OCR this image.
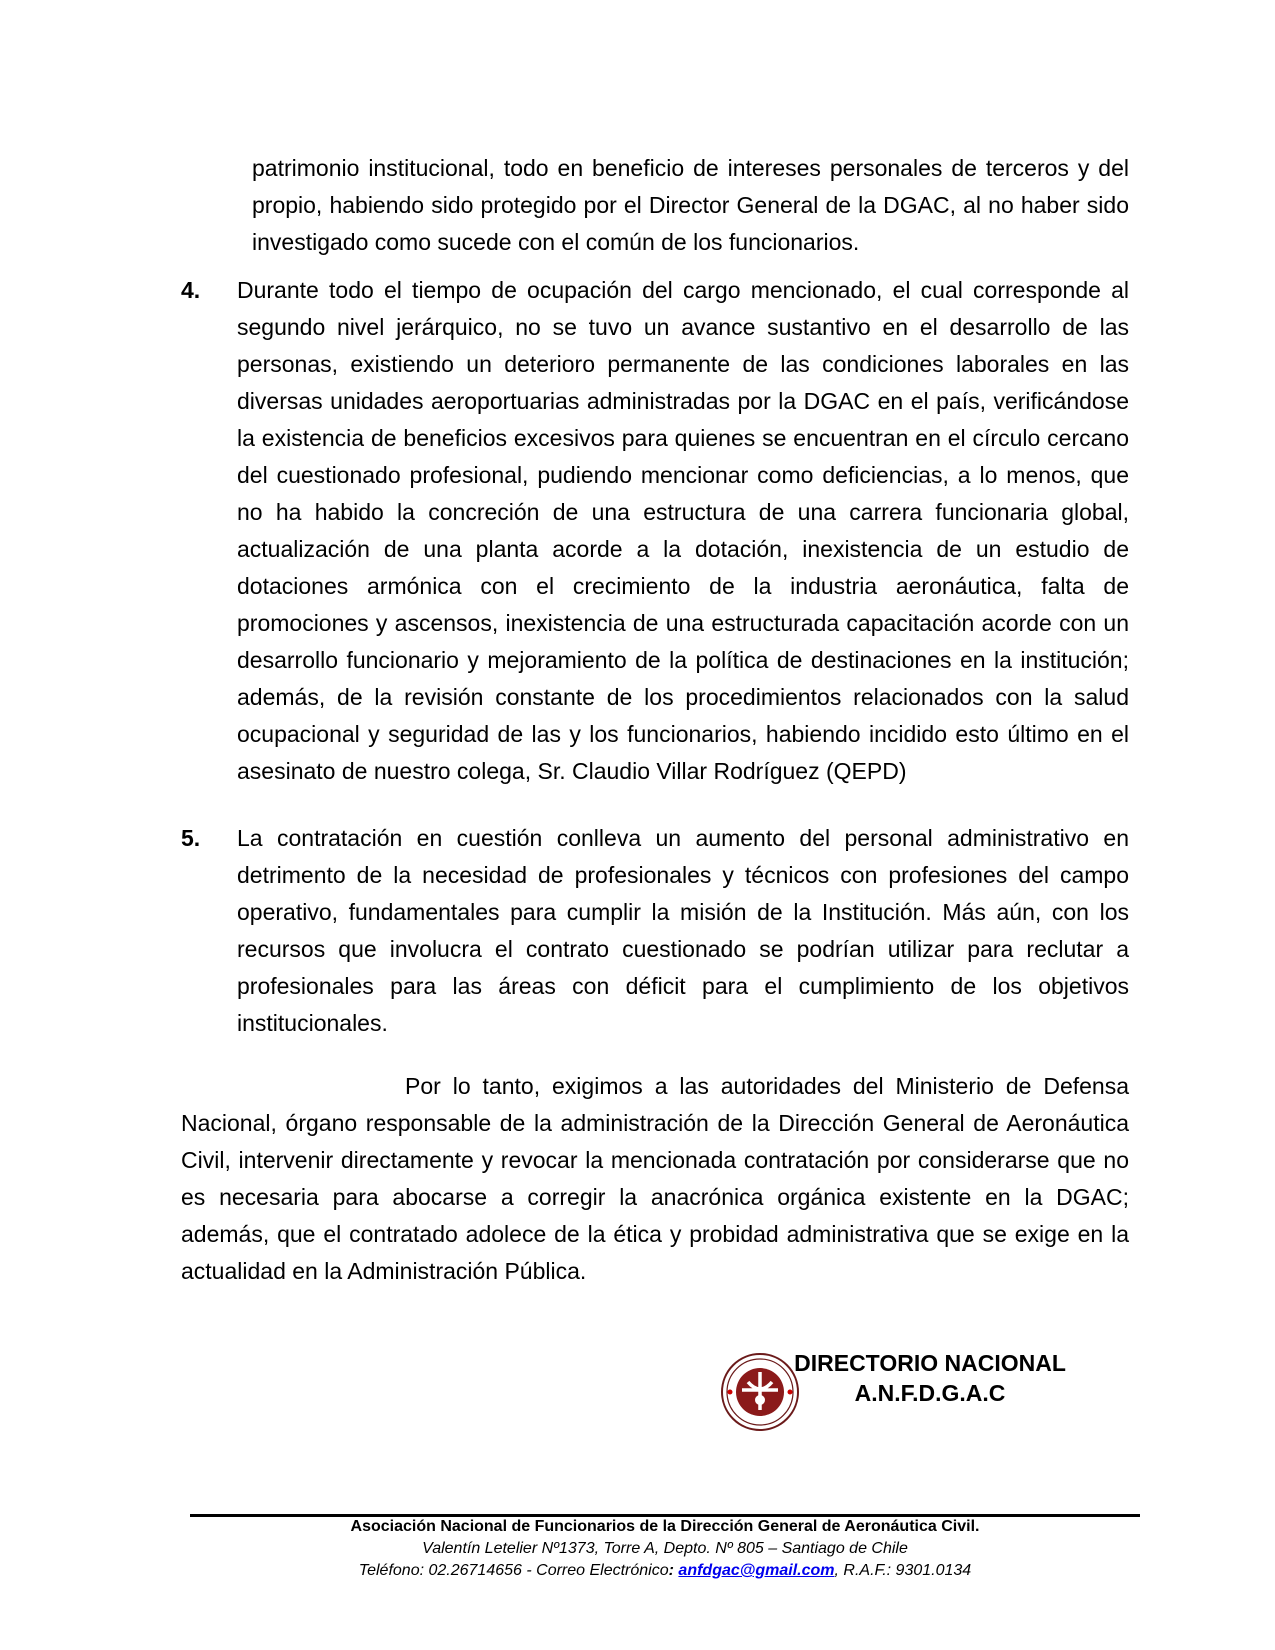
patrimonio institucional, todo en beneficio de intereses personales de terceros y del propio, habiendo sido protegido por el Director General de la DGAC, al no haber sido investigado como sucede con el común de los funcionarios.

4. Durante todo el tiempo de ocupación del cargo mencionado, el cual corresponde al segundo nivel jerárquico, no se tuvo un avance sustantivo en el desarrollo de las personas, existiendo un deterioro permanente de las condiciones laborales en las diversas unidades aeroportuarias administradas por la DGAC en el país, verificándose la existencia de beneficios excesivos para quienes se encuentran en el círculo cercano del cuestionado profesional, pudiendo mencionar como deficiencias, a lo menos, que no ha habido la concreción de una estructura de una carrera funcionaria global, actualización de una planta acorde a la dotación, inexistencia de un estudio de dotaciones armónica con el crecimiento de la industria aeronáutica, falta de promociones y ascensos, inexistencia de una estructurada capacitación acorde con un desarrollo funcionario y mejoramiento de la política de destinaciones en la institución; además, de la revisión constante de los procedimientos relacionados con la salud ocupacional y seguridad de las y los funcionarios, habiendo incidido esto último en el asesinato de nuestro colega, Sr. Claudio Villar Rodríguez (QEPD)

5. La contratación en cuestión conlleva un aumento del personal administrativo en detrimento de la necesidad de profesionales y técnicos con profesiones del campo operativo, fundamentales para cumplir la misión de la Institución. Más aún, con los recursos que involucra el contrato cuestionado se podrían utilizar para reclutar a profesionales para las áreas con déficit para el cumplimiento de los objetivos institucionales.

Por lo tanto, exigimos a las autoridades del Ministerio de Defensa Nacional, órgano responsable de la administración de la Dirección General de Aeronáutica Civil, intervenir directamente y revocar la mencionada contratación por considerarse que no es necesaria para abocarse a corregir la anacrónica orgánica existente en la DGAC; además, que el contratado adolece de la ética y probidad administrativa que se exige en la actualidad en la Administración Pública.

DIRECTORIO NACIONAL
A.N.F.D.G.A.C
Asociación Nacional de Funcionarios de la Dirección General de Aeronáutica Civil.
Valentín Letelier Nº1373, Torre A, Depto. Nº 805 – Santiago de Chile
Teléfono: 02.26714656 - Correo Electrónico: anfdgac@gmail.com, R.A.F.: 9301.0134
